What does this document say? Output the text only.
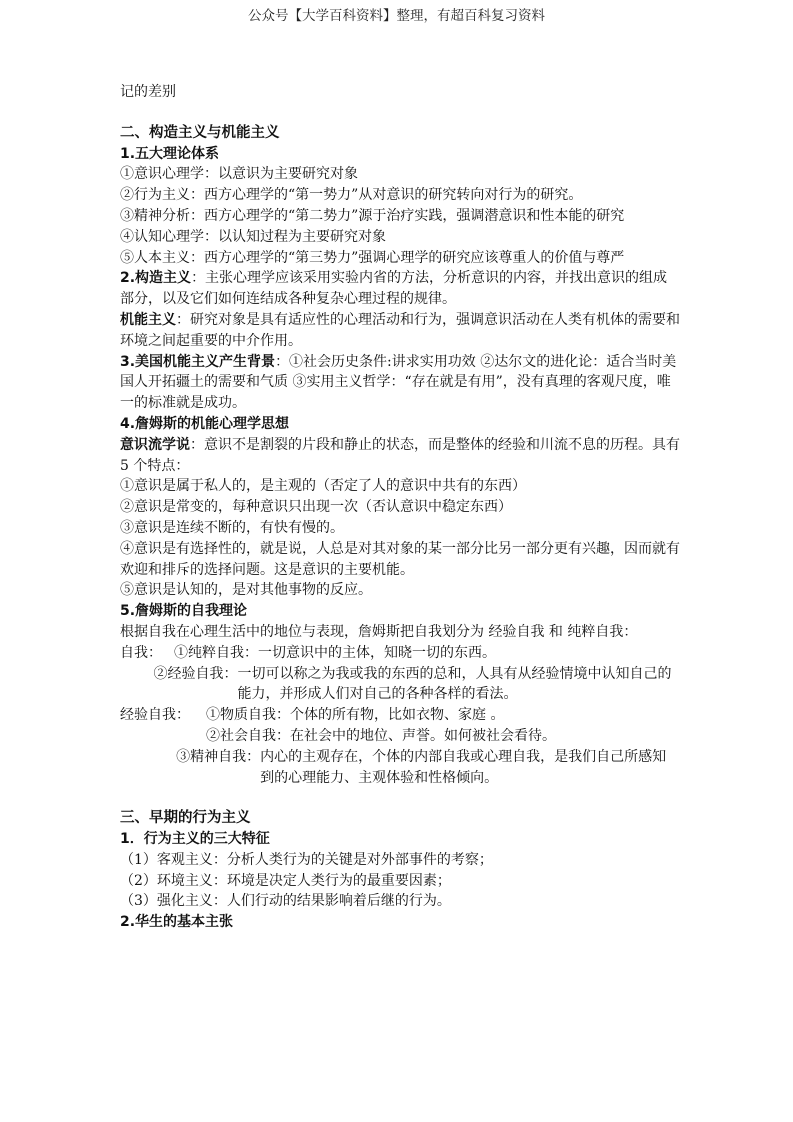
公众号【大学百科资料】整理，有超百科复习资料
记的差别
二、构造主义与机能主义
1.五大理论体系
①意识心理学：以意识为主要研究对象
②行为主义：西方心理学的“第一势力”从对意识的研究转向对行为的研究。
③精神分析：西方心理学的“第二势力”源于治疗实践，强调潜意识和性本能的研究
④认知心理学：以认知过程为主要研究对象
⑤人本主义：西方心理学的“第三势力”强调心理学的研究应该尊重人的价值与尊严
2.构造主义：主张心理学应该采用实验内省的方法，分析意识的内容，并找出意识的组成部分，以及它们如何连结成各种复杂心理过程的规律。
机能主义：研究对象是具有适应性的心理活动和行为，强调意识活动在人类有机体的需要和环境之间起重要的中介作用。
3.美国机能主义产生背景：①社会历史条件:讲求实用功效 ②达尔文的进化论：适合当时美国人开拓疆土的需要和气质 ③实用主义哲学：“存在就是有用”，没有真理的客观尺度，唯一的标准就是成功。
4.詹姆斯的机能心理学思想
意识流学说：意识不是割裂的片段和静止的状态，而是整体的经验和川流不息的历程。具有 5 个特点：
①意识是属于私人的，是主观的（否定了人的意识中共有的东西）
②意识是常变的，每种意识只出现一次（否认意识中稳定东西）
③意识是连续不断的，有快有慢的。
④意识是有选择性的，就是说，人总是对其对象的某一部分比另一部分更有兴趣，因而就有欢迎和排斥的选择问题。这是意识的主要机能。
⑤意识是认知的，是对其他事物的反应。
5.詹姆斯的自我理论
根据自我在心理生活中的地位与表现，詹姆斯把自我划分为 经验自我 和 纯粹自我：
自我： ①纯粹自我： 一切意识中的主体，知晓一切的东西。
②经验自我： 一切可以称之为我或我的东西的总和，人具有从经验情境中认知自己的能力，并形成人们对自己的各种各样的看法。
经验自我：	①物质自我： 个体的所有物，比如衣物、家庭 。
②社会自我： 在社会中的地位、声誉。如何被社会看待。
③精神自我： 内心的主观存在，个体的内部自我或心理自我，是我们自己所感知到的心理能力、主观体验和性格倾向。
三、早期的行为主义
1．行为主义的三大特征
（1）客观主义：分析人类行为的关键是对外部事件的考察；
（2）环境主义：环境是决定人类行为的最重要因素；
（3）强化主义：人们行动的结果影响着后继的行为。
2.华生的基本主张
